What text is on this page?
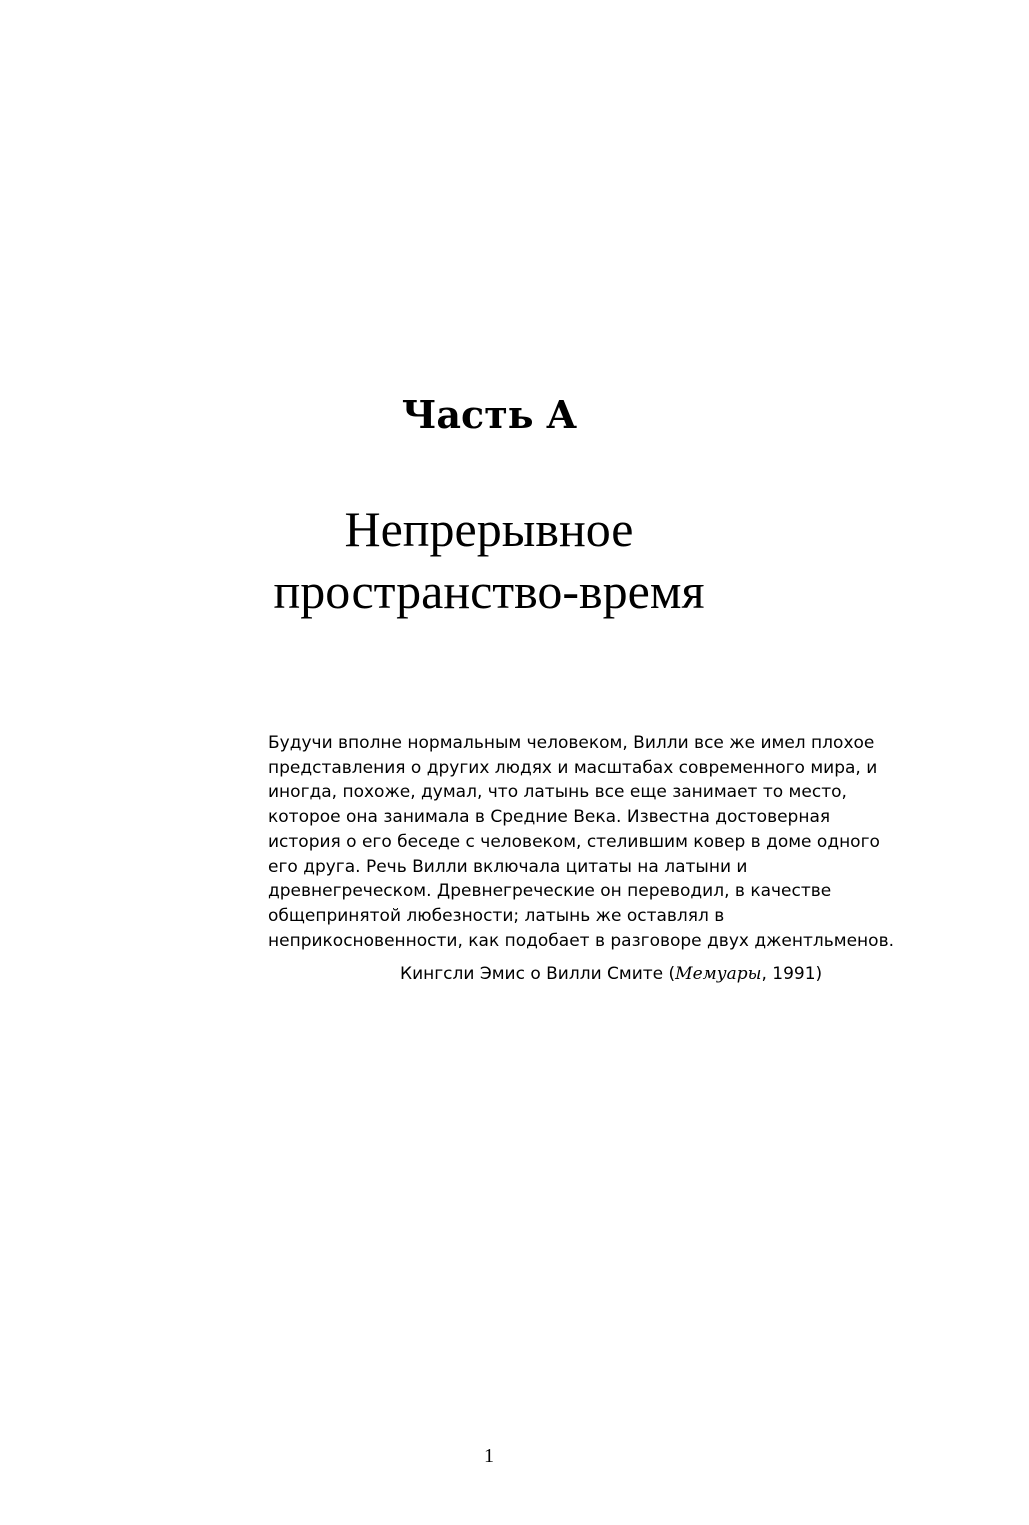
Часть A
Непрерывное
пространство-время

Будучи вполне нормальным человеком, Вилли все же имел плохое
представления о других людях и масштабах современного мира, и
иногда, похоже, думал, что латынь все еще занимает то место,
которое она занимала в Средние Века. Известна достоверная
история о его беседе с человеком, стелившим ковер в доме одного
его друга. Речь Вилли включала цитаты на латыни и
древнегреческом. Древнегреческие он переводил, в качестве
общепринятой любезности; латынь же оставлял в
неприкосновенности, как подобает в разговоре двух джентльменов.

Кингсли Эмис о Вилли Смите (Мемуары, 1991)
1
